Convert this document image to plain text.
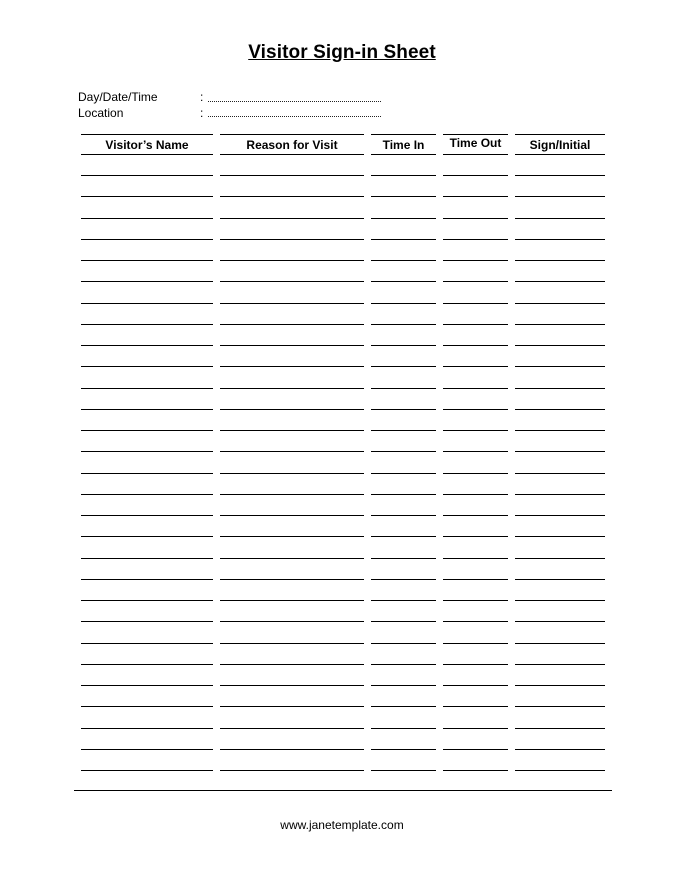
Visitor Sign-in Sheet
Day/Date/Time	:
Location	:
Visitor’s Name	Reason for Visit	Time In	Time Out	Sign/Initial
www.janetemplate.com
